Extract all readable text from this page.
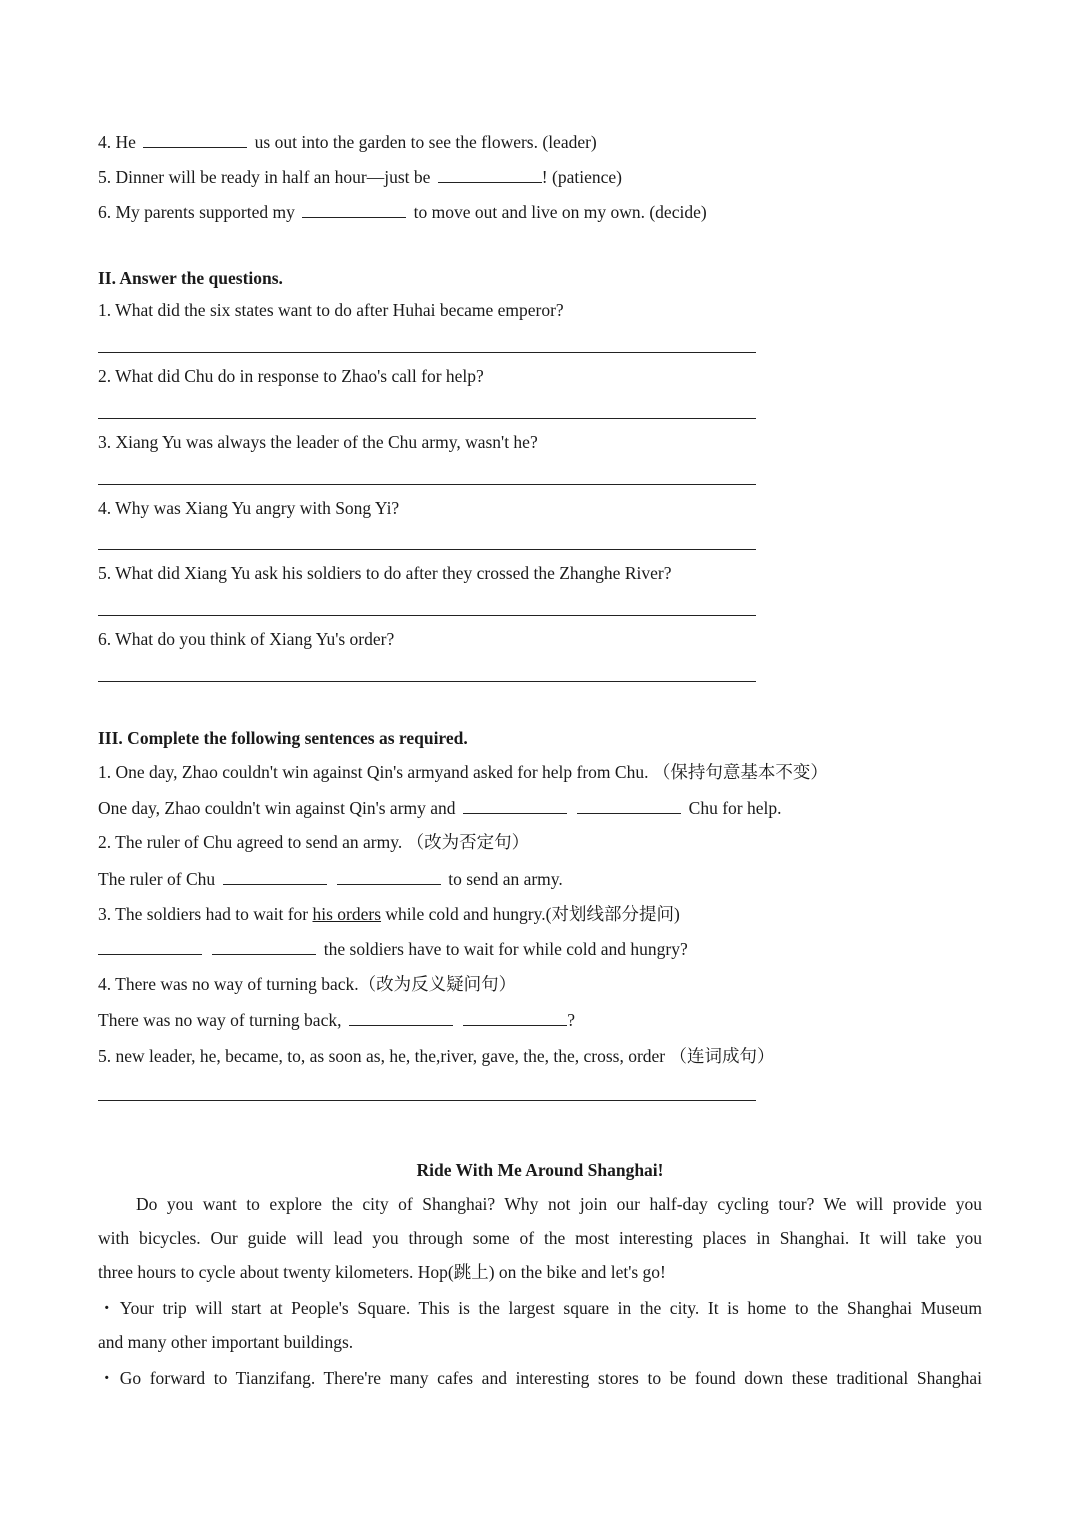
4. He	us out into the garden to see the flowers. (leader)
5. Dinner will be ready in half an hour—just be	! (patience)
6. My parents supported my	to move out and live on my own. (decide)
II. Answer the questions.
1. What did the six states want to do after Huhai became emperor?
2. What did Chu do in response to Zhao's call for help?
3. Xiang Yu was always the leader of the Chu army, wasn't he?
4. Why was Xiang Yu angry with Song Yi?
5. What did Xiang Yu ask his soldiers to do after they crossed the Zhanghe River?
6. What do you think of Xiang Yu's order?
III. Complete the following sentences as required.
1. One day, Zhao couldn't win against Qin's armyand asked for help from Chu. （保持句意基本不变）
One day, Zhao couldn't win against Qin's army and	Chu for help.
2. The ruler of Chu agreed to send an army. （改为否定句）
The ruler of Chu	to send an army.
3. The soldiers had to wait for his orders while cold and hungry.(对划线部分提问)
the soldiers have to wait for while cold and hungry?
4. There was no way of turning back.（改为反义疑问句）
There was no way of turning back,	?
5. new leader, he, became, to, as soon as, he, the,river, gave, the, the, cross, order （连词成句）
Ride With Me Around Shanghai!
Do you want to explore the city of Shanghai? Why not join our half-day cycling tour? We will provide you
with bicycles. Our guide will lead you through some of the most interesting places in Shanghai. It will take you
three hours to cycle about twenty kilometers. Hop(跳上) on the bike and let's go!
・Your trip will start at People's Square. This is the largest square in the city. It is home to the Shanghai Museum
and many other important buildings.
・Go forward to Tianzifang. There're many cafes and interesting stores to be found down these traditional Shanghai
